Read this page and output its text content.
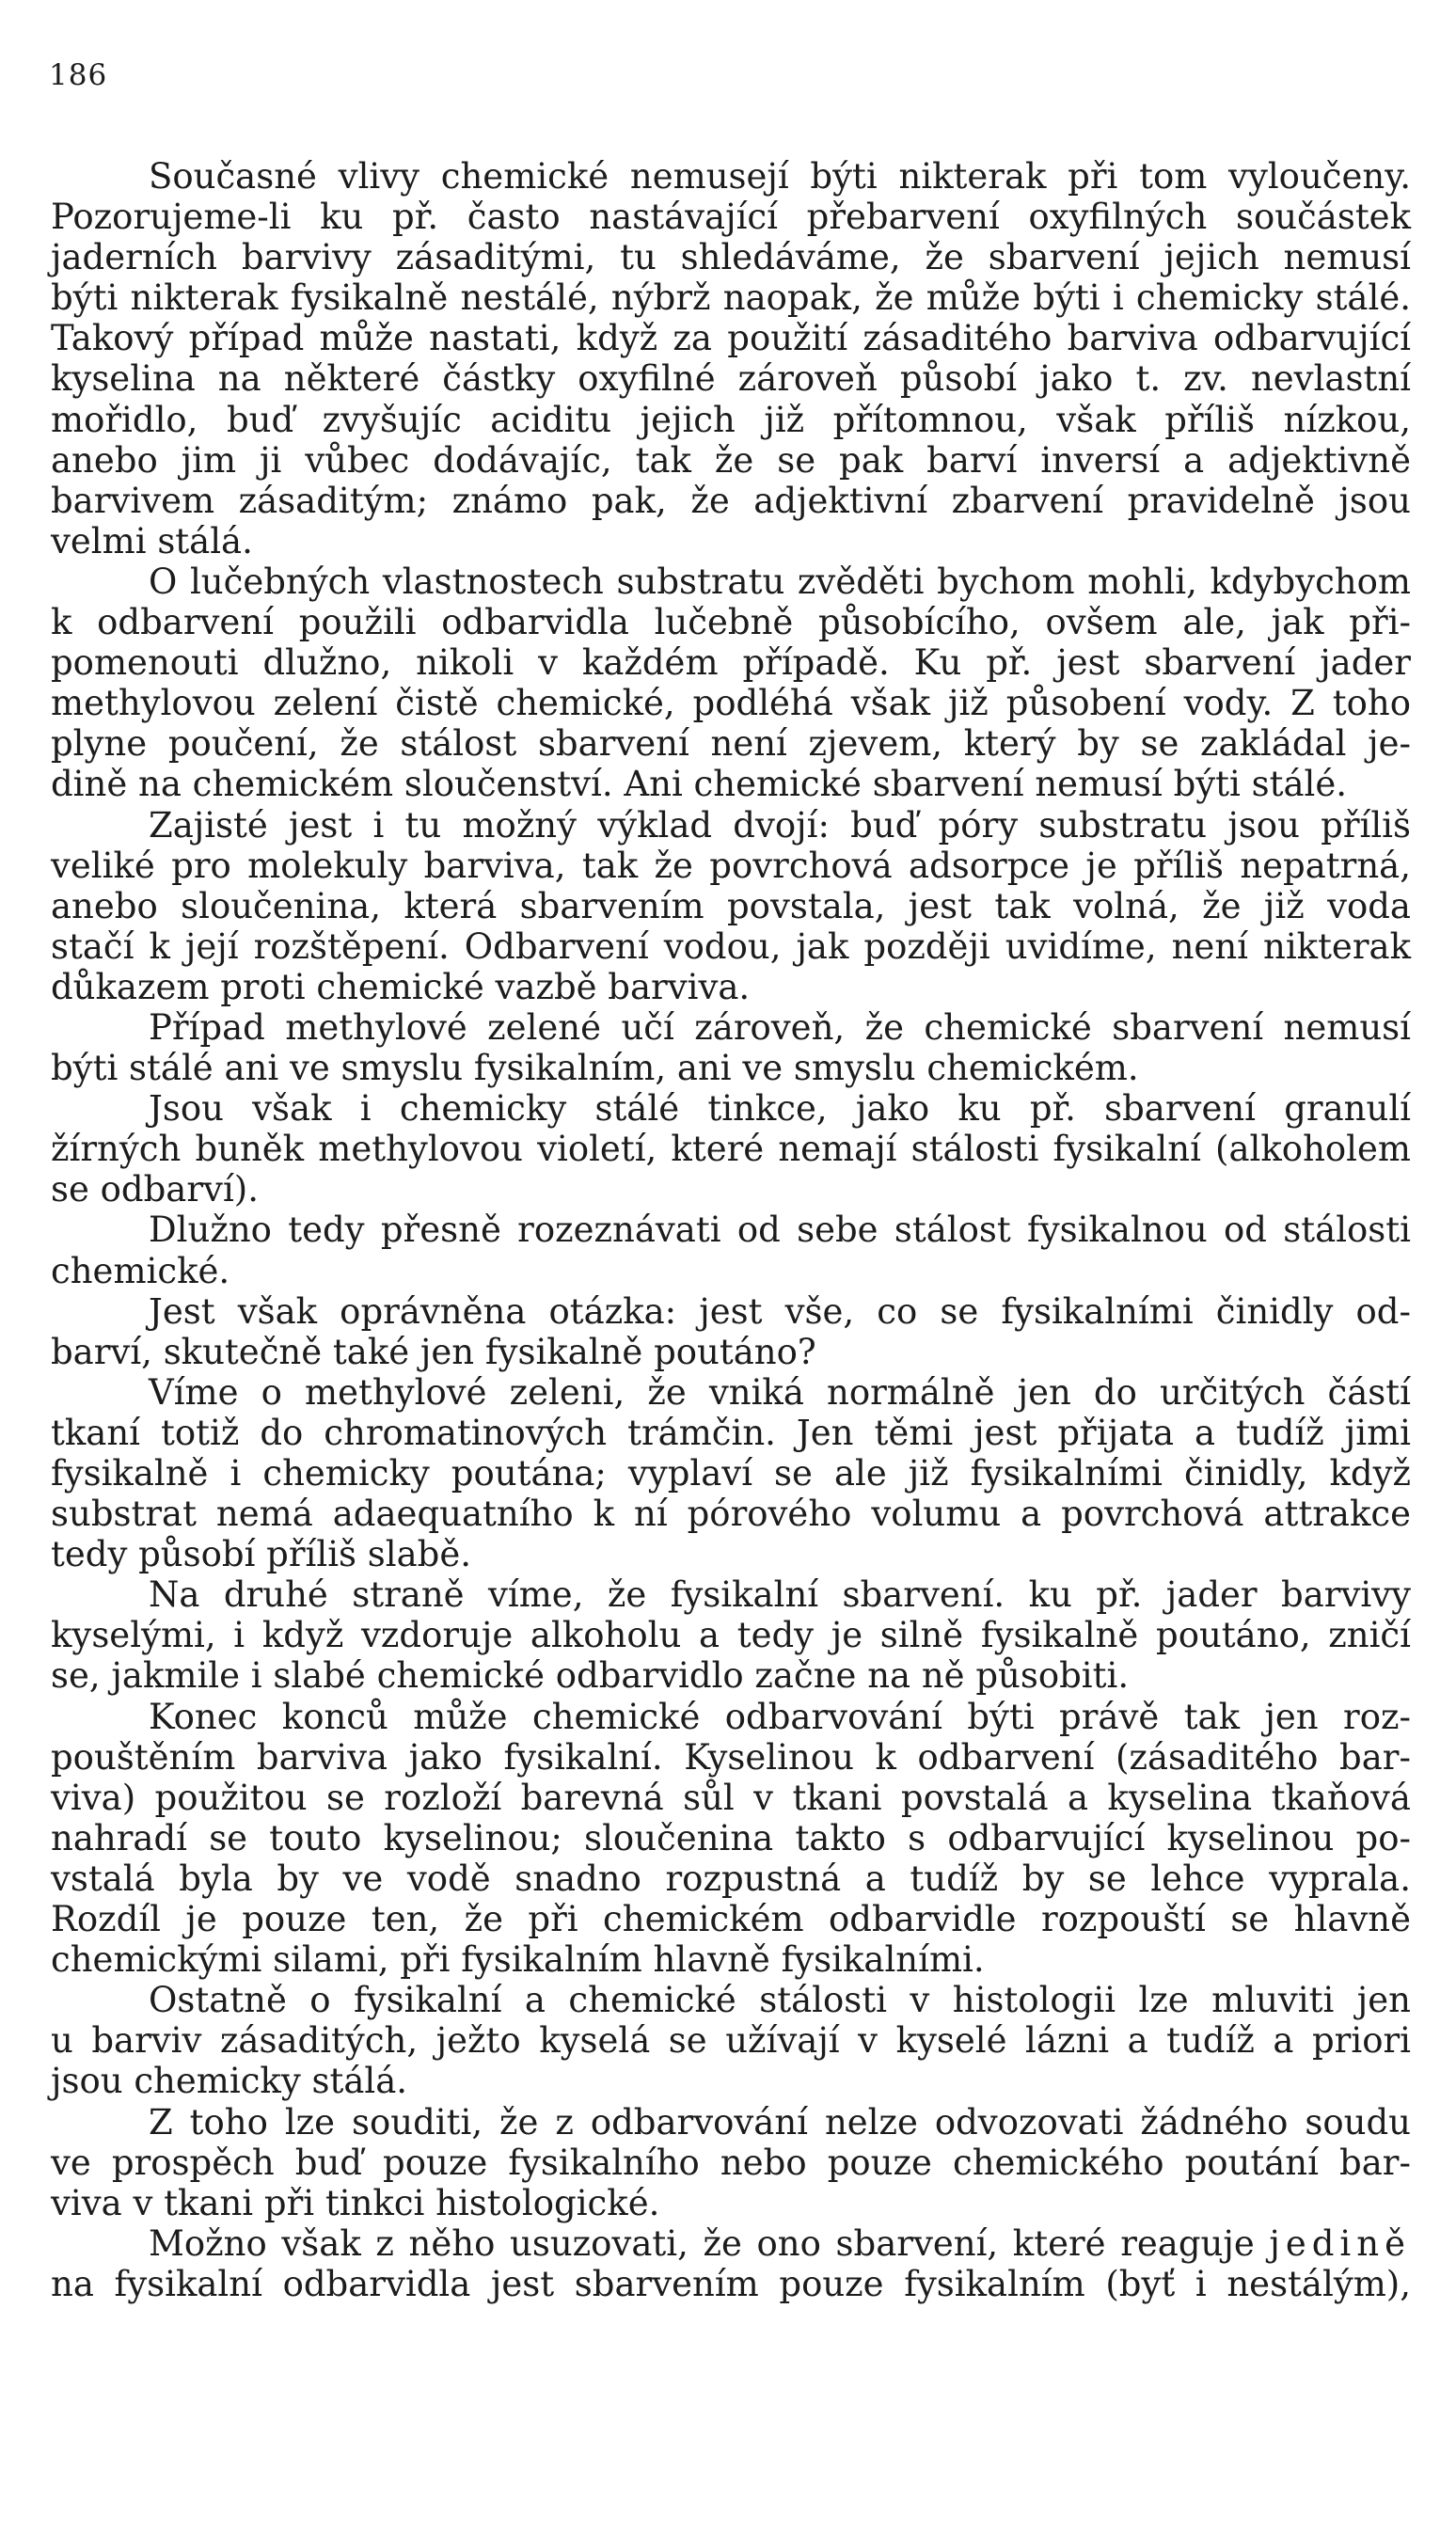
186
Současné vlivy chemické nemusejí býti nikterak při tom vyloučeny.
Pozorujeme-li ku př. často nastávající přebarvení oxyfilných součástek
jaderních barvivy zásaditými, tu shledáváme, že sbarvení jejich nemusí
býti nikterak fysikalně nestálé, nýbrž naopak, že může býti i chemicky stálé.
Takový případ může nastati, když za použití zásaditého barviva odbarvující
kyselina na některé částky oxyfilné zároveň působí jako t. zv. nevlastní
mořidlo, buď zvyšujíc aciditu jejich již přítomnou, však příliš nízkou,
anebo jim ji vůbec dodávajíc, tak že se pak barví inversí a adjektivně
barvivem zásaditým; známo pak, že adjektivní zbarvení pravidelně jsou
velmi stálá.
O lučebných vlastnostech substratu zvěděti bychom mohli, kdybychom
k odbarvení použili odbarvidla lučebně působícího, ovšem ale, jak při-
pomenouti dlužno, nikoli v každém případě. Ku př. jest sbarvení jader
methylovou zelení čistě chemické, podléhá však již působení vody. Z toho
plyne poučení, že stálost sbarvení není zjevem, který by se zakládal je-
dině na chemickém sloučenství. Ani chemické sbarvení nemusí býti stálé.
Zajisté jest i tu možný výklad dvojí: buď póry substratu jsou příliš
veliké pro molekuly barviva, tak že povrchová adsorpce je příliš nepatrná,
anebo sloučenina, která sbarvením povstala, jest tak volná, že již voda
stačí k její rozštěpení. Odbarvení vodou, jak později uvidíme, není nikterak
důkazem proti chemické vazbě barviva.
Případ methylové zelené učí zároveň, že chemické sbarvení nemusí
býti stálé ani ve smyslu fysikalním, ani ve smyslu chemickém.
Jsou však i chemicky stálé tinkce, jako ku př. sbarvení granulí
žírných buněk methylovou violetí, které nemají stálosti fysikalní (alkoholem
se odbarví).
Dlužno tedy přesně rozeznávati od sebe stálost fysikalnou od stálosti
chemické.
Jest však oprávněna otázka: jest vše, co se fysikalními činidly od-
barví, skutečně také jen fysikalně poutáno?
Víme o methylové zeleni, že vniká normálně jen do určitých částí
tkaní totiž do chromatinových trámčin. Jen těmi jest přijata a tudíž jimi
fysikalně i chemicky poutána; vyplaví se ale již fysikalními činidly, když
substrat nemá adaequatního k ní pórového volumu a povrchová attrakce
tedy působí příliš slabě.
Na druhé straně víme, že fysikalní sbarvení. ku př. jader barvivy
kyselými, i když vzdoruje alkoholu a tedy je silně fysikalně poutáno, zničí
se, jakmile i slabé chemické odbarvidlo začne na ně působiti.
Konec konců může chemické odbarvování býti právě tak jen roz-
pouštěním barviva jako fysikalní. Kyselinou k odbarvení (zásaditého bar-
viva) použitou se rozloží barevná sůl v tkani povstalá a kyselina tkaňová
nahradí se touto kyselinou; sloučenina takto s odbarvující kyselinou po-
vstalá byla by ve vodě snadno rozpustná a tudíž by se lehce vyprala.
Rozdíl je pouze ten, že při chemickém odbarvidle rozpouští se hlavně
chemickými silami, při fysikalním hlavně fysikalními.
Ostatně o fysikalní a chemické stálosti v histologii lze mluviti jen
u barviv zásaditých, ježto kyselá se užívají v kyselé lázni a tudíž a priori
jsou chemicky stálá.
Z toho lze souditi, že z odbarvování nelze odvozovati žádného soudu
ve prospěch buď pouze fysikalního nebo pouze chemického poutání bar-
viva v tkani při tinkci histologické.
Možno však z něho usuzovati, že ono sbarvení, které reaguje jedině
na fysikalní odbarvidla jest sbarvením pouze fysikalním (byť i nestálým),
